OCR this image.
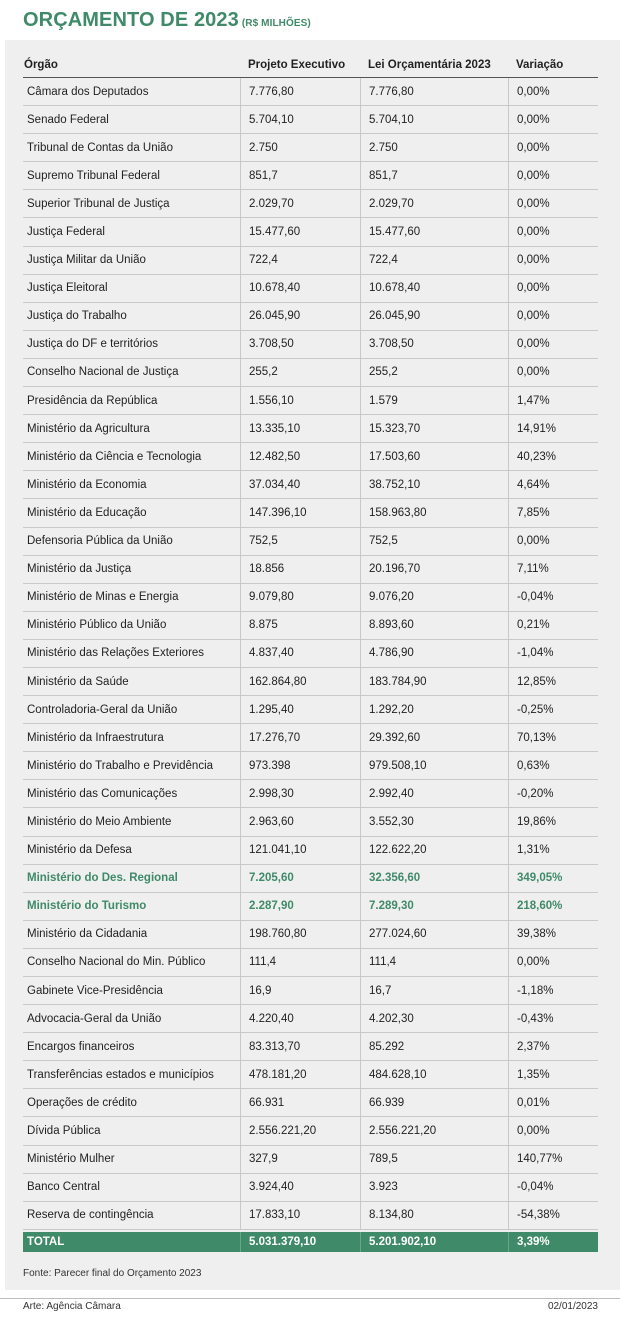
ORÇAMENTO DE 2023 (R$ MILHÕES)
Órgão	Projeto Executivo	Lei Orçamentária 2023	Variação
Câmara dos Deputados	7.776,80	7.776,80	0,00%
Senado Federal	5.704,10	5.704,10	0,00%
Tribunal de Contas da União	2.750	2.750	0,00%
Supremo Tribunal Federal	851,7	851,7	0,00%
Superior Tribunal de Justiça	2.029,70	2.029,70	0,00%
Justiça Federal	15.477,60	15.477,60	0,00%
Justiça Militar da União	722,4	722,4	0,00%
Justiça Eleitoral	10.678,40	10.678,40	0,00%
Justiça do Trabalho	26.045,90	26.045,90	0,00%
Justiça do DF e territórios	3.708,50	3.708,50	0,00%
Conselho Nacional de Justiça	255,2	255,2	0,00%
Presidência da República	1.556,10	1.579	1,47%
Ministério da Agricultura	13.335,10	15.323,70	14,91%
Ministério da Ciência e Tecnologia	12.482,50	17.503,60	40,23%
Ministério da Economia	37.034,40	38.752,10	4,64%
Ministério da Educação	147.396,10	158.963,80	7,85%
Defensoria Pública da União	752,5	752,5	0,00%
Ministério da Justiça	18.856	20.196,70	7,11%
Ministério de Minas e Energia	9.079,80	9.076,20	-0,04%
Ministério Público da União	8.875	8.893,60	0,21%
Ministério das Relações Exteriores	4.837,40	4.786,90	-1,04%
Ministério da Saúde	162.864,80	183.784,90	12,85%
Controladoria-Geral da União	1.295,40	1.292,20	-0,25%
Ministério da Infraestrutura	17.276,70	29.392,60	70,13%
Ministério do Trabalho e Previdência	973.398	979.508,10	0,63%
Ministério das Comunicações	2.998,30	2.992,40	-0,20%
Ministério do Meio Ambiente	2.963,60	3.552,30	19,86%
Ministério da Defesa	121.041,10	122.622,20	1,31%
Ministério do Des. Regional	7.205,60	32.356,60	349,05%
Ministério do Turismo	2.287,90	7.289,30	218,60%
Ministério da Cidadania	198.760,80	277.024,60	39,38%
Conselho Nacional do Min. Público	111,4	111,4	0,00%
Gabinete Vice-Presidência	16,9	16,7	-1,18%
Advocacia-Geral da União	4.220,40	4.202,30	-0,43%
Encargos financeiros	83.313,70	85.292	2,37%
Transferências estados e municípios	478.181,20	484.628,10	1,35%
Operações de crédito	66.931	66.939	0,01%
Dívida Pública	2.556.221,20	2.556.221,20	0,00%
Ministério Mulher	327,9	789,5	140,77%
Banco Central	3.924,40	3.923	-0,04%
Reserva de contingência	17.833,10	8.134,80	-54,38%
TOTAL	5.031.379,10	5.201.902,10	3,39%
Fonte: Parecer final do Orçamento 2023
Arte: Agência Câmara	02/01/2023
